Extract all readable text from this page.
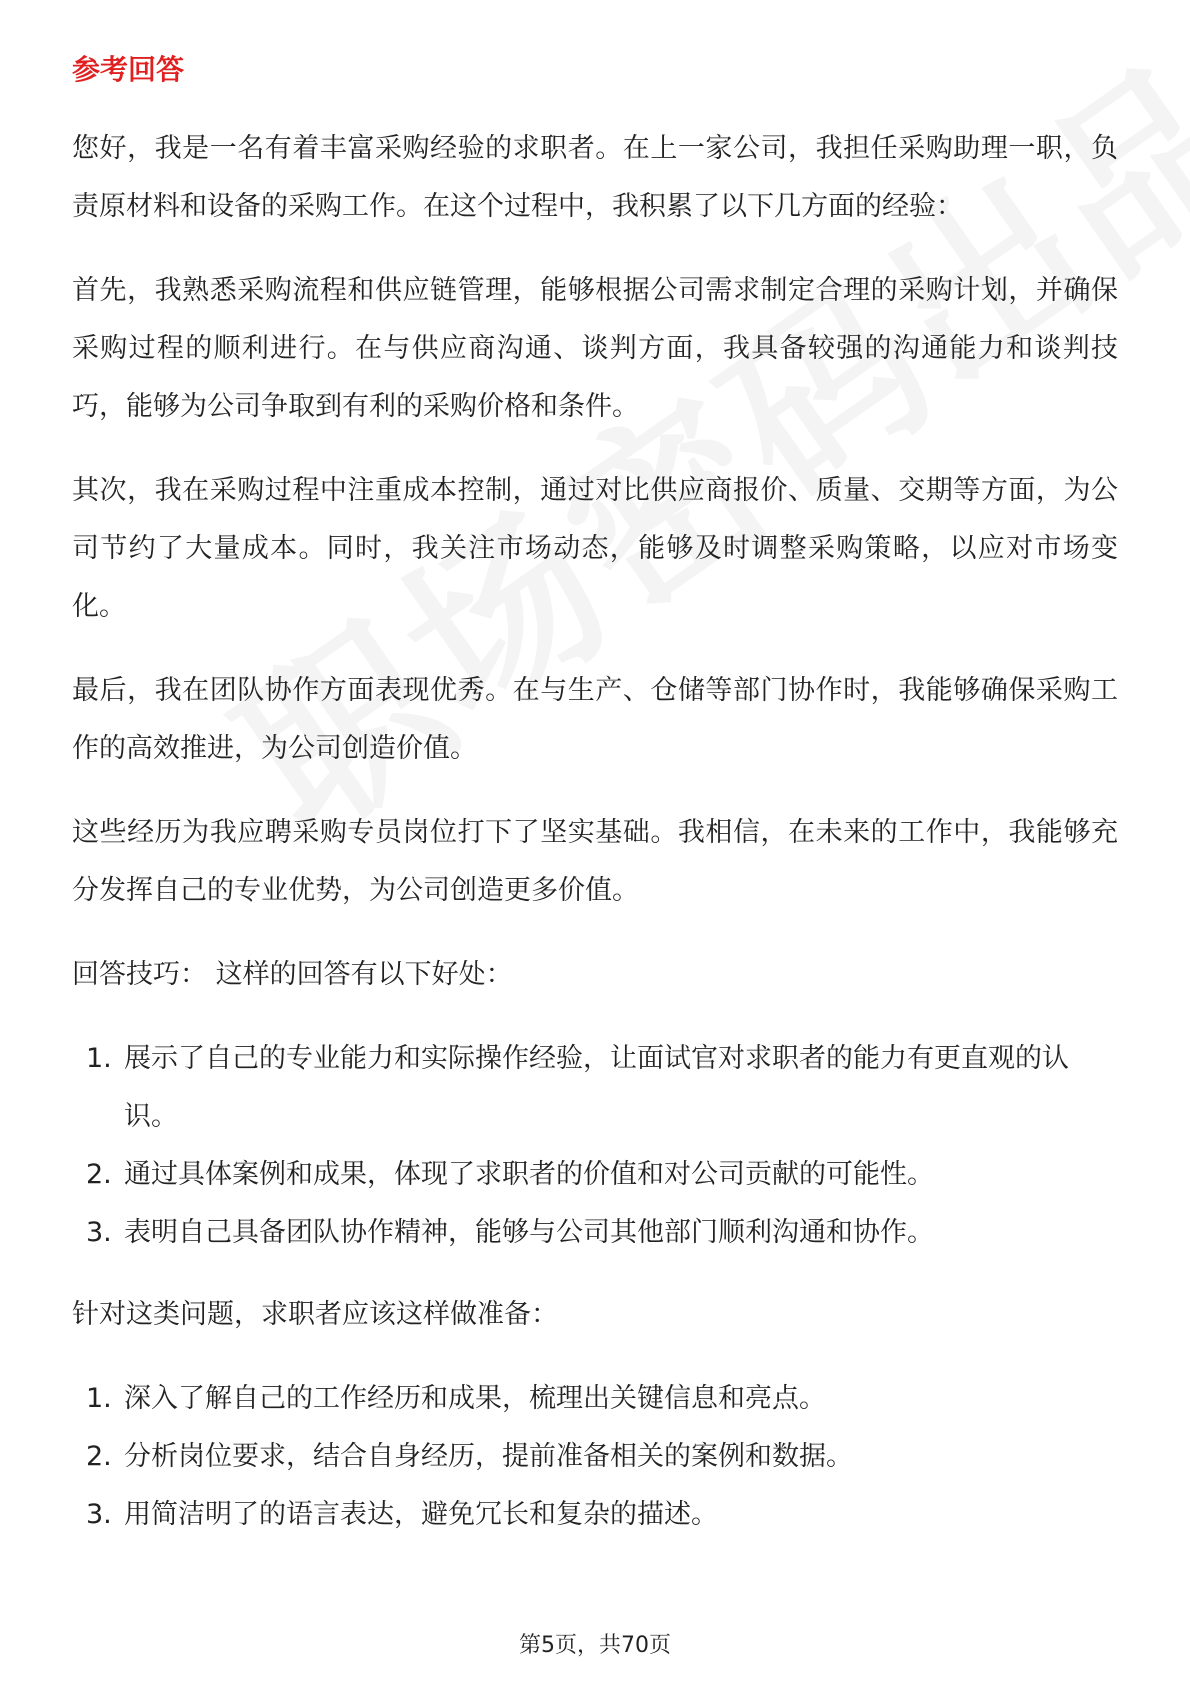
参考回答

您好，我是一名有着丰富采购经验的求职者。在上一家公司，我担任采购助理一职，负责原材料和设备的采购工作。在这个过程中，我积累了以下几方面的经验：

首先，我熟悉采购流程和供应链管理，能够根据公司需求制定合理的采购计划，并确保采购过程的顺利进行。在与供应商沟通、谈判方面，我具备较强的沟通能力和谈判技巧，能够为公司争取到有利的采购价格和条件。

其次，我在采购过程中注重成本控制，通过对比供应商报价、质量、交期等方面，为公司节约了大量成本。同时，我关注市场动态，能够及时调整采购策略，以应对市场变化。

最后，我在团队协作方面表现优秀。在与生产、仓储等部门协作时，我能够确保采购工作的高效推进，为公司创造价值。

这些经历为我应聘采购专员岗位打下了坚实基础。我相信，在未来的工作中，我能够充分发挥自己的专业优势，为公司创造更多价值。

回答技巧： 这样的回答有以下好处：

1. 展示了自己的专业能力和实际操作经验，让面试官对求职者的能力有更直观的认识。
2. 通过具体案例和成果，体现了求职者的价值和对公司贡献的可能性。
3. 表明自己具备团队协作精神，能够与公司其他部门顺利沟通和协作。

针对这类问题，求职者应该这样做准备：

1. 深入了解自己的工作经历和成果，梳理出关键信息和亮点。
2. 分析岗位要求，结合自身经历，提前准备相关的案例和数据。
3. 用简洁明了的语言表达，避免冗长和复杂的描述。
第5页，共70页
